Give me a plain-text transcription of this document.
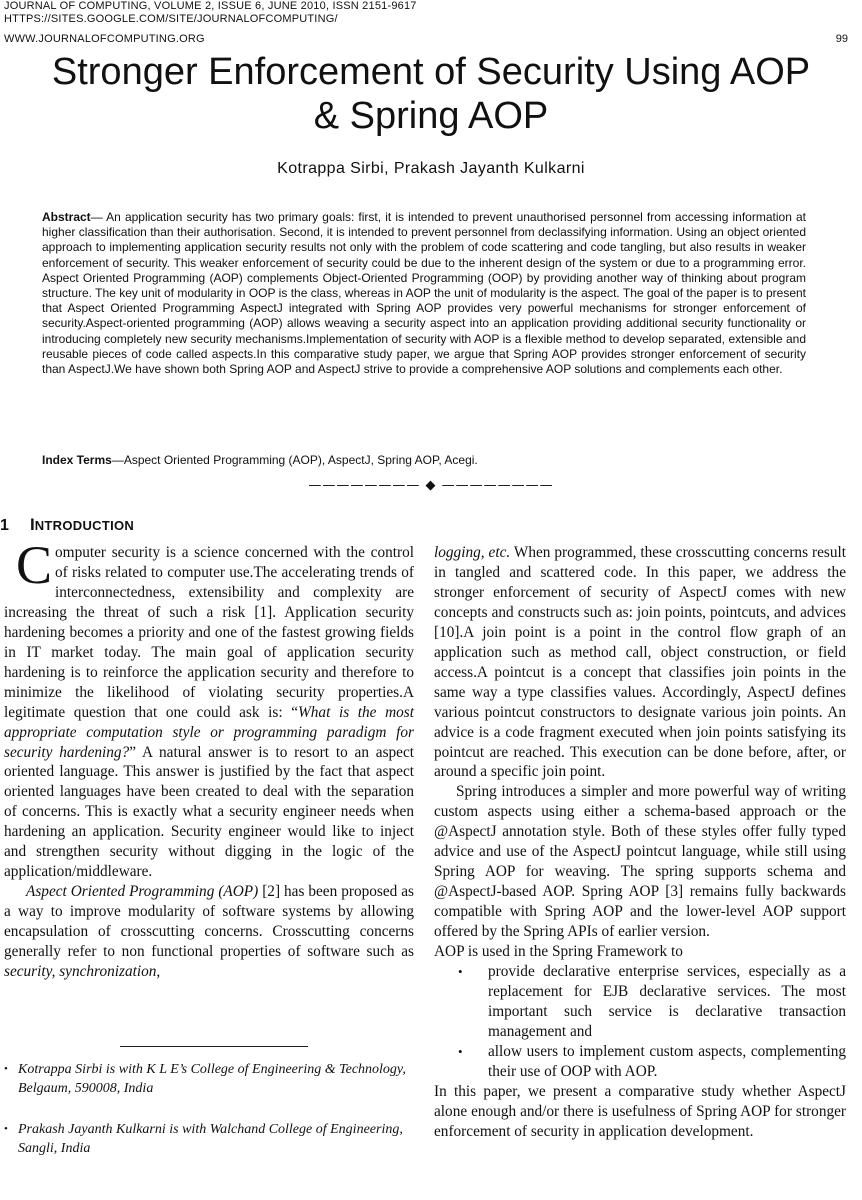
JOURNAL OF COMPUTING, VOLUME 2, ISSUE 6, JUNE 2010, ISSN 2151-9617
HTTPS://SITES.GOOGLE.COM/SITE/JOURNALOFCOMPUTING/
WWW.JOURNALOFCOMPUTING.ORG	99
Stronger Enforcement of Security Using AOP
& Spring AOP
Kotrappa Sirbi, Prakash Jayanth Kulkarni
Abstract— An application security has two primary goals: first, it is intended to prevent unauthorised personnel from accessing information at higher classification than their authorisation. Second, it is intended to prevent personnel from declassifying information. Using an object oriented approach to implementing application security results not only with the problem of code scattering and code tangling, but also results in weaker enforcement of security. This weaker enforcement of security could be due to the inherent design of the system or due to a programming error. Aspect Oriented Programming (AOP) complements Object-Oriented Programming (OOP) by providing another way of thinking about program structure. The key unit of modularity in OOP is the class, whereas in AOP the unit of modularity is the aspect. The goal of the paper is to present that Aspect Oriented Programming AspectJ integrated with Spring AOP provides very powerful mechanisms for stronger enforcement of security.Aspect-oriented programming (AOP) allows weaving a security aspect into an application providing additional security functionality or introducing completely new security mechanisms.Implementation of security with AOP is a flexible method to develop separated, extensible and reusable pieces of code called aspects.In this comparative study paper, we argue that Spring AOP provides stronger enforcement of security than AspectJ.We have shown both Spring AOP and AspectJ strive to provide a comprehensive AOP solutions and complements each other.
Index Terms—Aspect Oriented Programming (AOP), AspectJ, Spring AOP, Acegi.
———————— ◆ ————————
1 INTRODUCTION

Computer security is a science concerned with the control of risks related to computer use.The accelerating trends of interconnectedness, extensibility and complexity are increasing the threat of such a risk [1]. Application security hardening becomes a priority and one of the fastest growing fields in IT market today. The main goal of application security hardening is to reinforce the application security and therefore to minimize the likelihood of violating security properties.A legitimate question that one could ask is: “What is the most appropriate computation style or programming paradigm for security hardening?” A natural answer is to resort to an aspect oriented language. This answer is justified by the fact that aspect oriented languages have been created to deal with the separation of concerns. This is exactly what a security engineer needs when hardening an application. Security engineer would like to inject and strengthen security without digging in the logic of the application/middleware.

Aspect Oriented Programming (AOP) [2] has been proposed as a way to improve modularity of software systems by allowing encapsulation of crosscutting concerns. Crosscutting concerns generally refer to non functional properties of software such as security, synchronization,

logging, etc. When programmed, these crosscutting concerns result in tangled and scattered code. In this paper, we address the stronger enforcement of security of AspectJ comes with new concepts and constructs such as: join points, pointcuts, and advices [10].A join point is a point in the control flow graph of an application such as method call, object construction, or field access.A pointcut is a concept that classifies join points in the same way a type classifies values. Accordingly, AspectJ defines various pointcut constructors to designate various join points. An advice is a code fragment executed when join points satisfying its pointcut are reached. This execution can be done before, after, or around a specific join point.

Spring introduces a simpler and more powerful way of writing custom aspects using either a schema-based approach or the @AspectJ annotation style. Both of these styles offer fully typed advice and use of the AspectJ pointcut language, while still using Spring AOP for weaving. The spring supports schema and @AspectJ-based AOP. Spring AOP [3] remains fully backwards compatible with Spring AOP and the lower-level AOP support offered by the Spring APIs of earlier version.

AOP is used in the Spring Framework to

• provide declarative enterprise services, especially as a replacement for EJB declarative services. The most important such service is declarative transaction management and
• allow users to implement custom aspects, complementing their use of OOP with AOP.

In this paper, we present a comparative study whether AspectJ alone enough and/or there is usefulness of Spring AOP for stronger enforcement of security in application development.

• Kotrappa Sirbi is with K L E’s College of Engineering & Technology, Belgaum, 590008, India
• Prakash Jayanth Kulkarni is with Walchand College of Engineering, Sangli, India
